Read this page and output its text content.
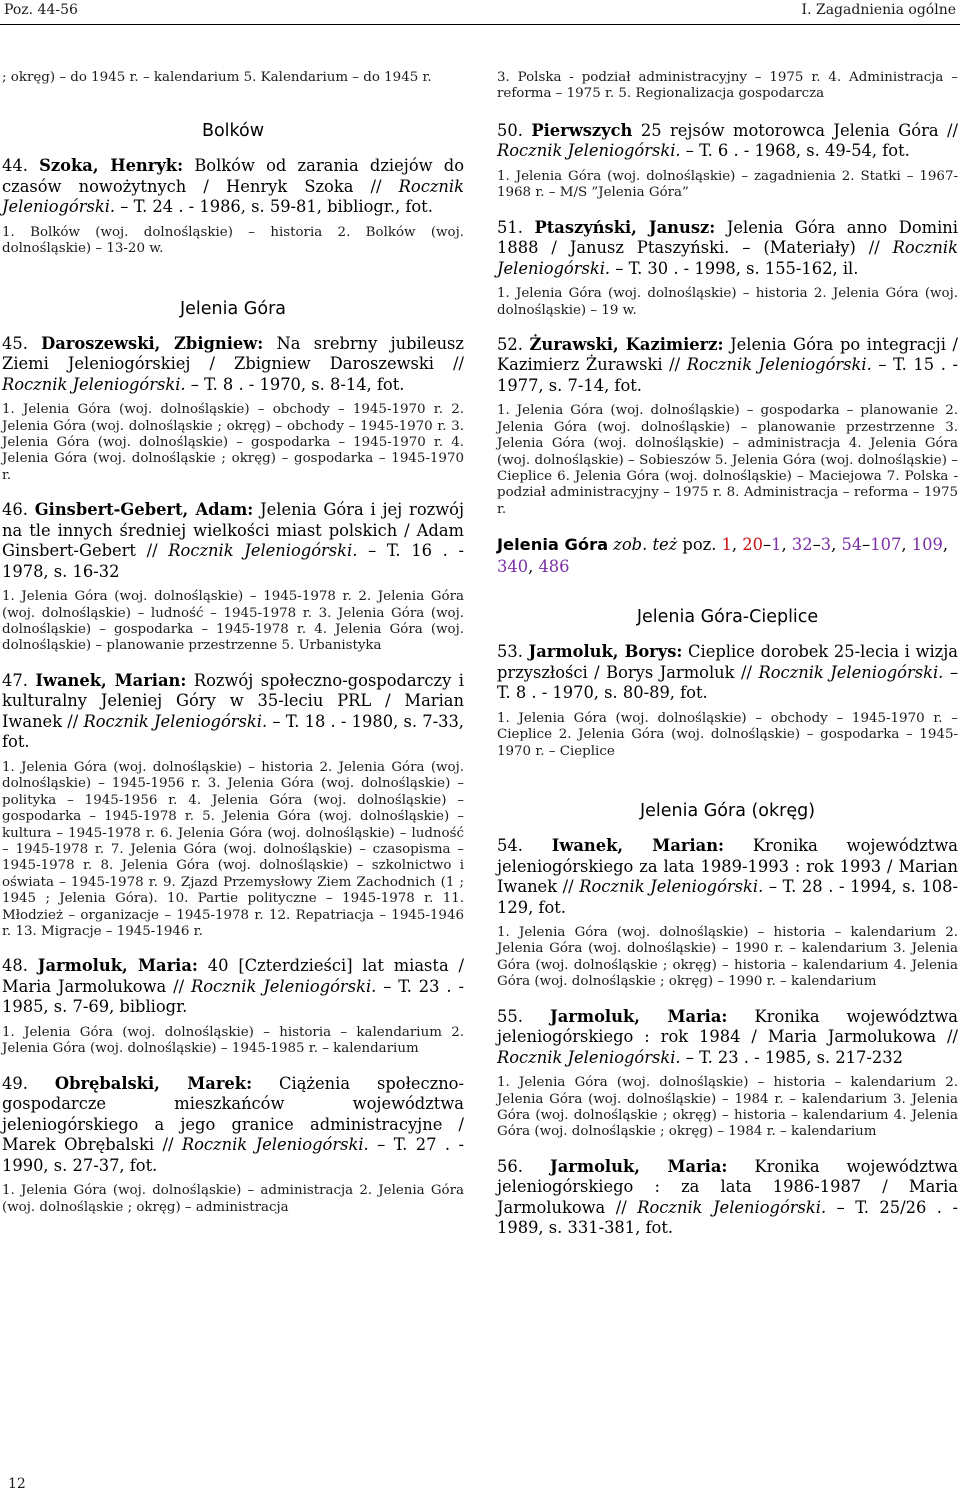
Poz. 44-56	I. Zagadnienia ogólne

; okręg) – do 1945 r. – kalendarium 5. Kalendarium – do 1945 r.

Bolków

44. Szoka, Henryk: Bolków od zarania dziejów do czasów nowożytnych / Henryk Szoka // Rocznik Jeleniogórski. – T. 24 . - 1986, s. 59-81, bibliogr., fot.

1. Bolków (woj. dolnośląskie) – historia 2. Bolków (woj. dolnośląskie) – 13-20 w.

Jelenia Góra

45. Daroszewski, Zbigniew: Na srebrny jubileusz Ziemi Jeleniogórskiej / Zbigniew Daroszewski // Rocznik Jeleniogórski. – T. 8 . - 1970, s. 8-14, fot.

1. Jelenia Góra (woj. dolnośląskie) – obchody – 1945-1970 r. 2. Jelenia Góra (woj. dolnośląskie ; okręg) – obchody – 1945-1970 r. 3. Jelenia Góra (woj. dolnośląskie) – gospodarka – 1945-1970 r. 4. Jelenia Góra (woj. dolnośląskie ; okręg) – gospodarka – 1945-1970 r.

46. Ginsbert-Gebert, Adam: Jelenia Góra i jej rozwój na tle innych średniej wielkości miast polskich / Adam Ginsbert-Gebert // Rocznik Jeleniogórski. – T. 16 . - 1978, s. 16-32

1. Jelenia Góra (woj. dolnośląskie) – 1945-1978 r. 2. Jelenia Góra (woj. dolnośląskie) – ludność – 1945-1978 r. 3. Jelenia Góra (woj. dolnośląskie) – gospodarka – 1945-1978 r. 4. Jelenia Góra (woj. dolnośląskie) – planowanie przestrzenne 5. Urbanistyka

47. Iwanek, Marian: Rozwój społeczno-gospodarczy i kulturalny Jeleniej Góry w 35-leciu PRL / Marian Iwanek // Rocznik Jeleniogórski. – T. 18 . - 1980, s. 7-33, fot.

1. Jelenia Góra (woj. dolnośląskie) – historia 2. Jelenia Góra (woj. dolnośląskie) – 1945-1956 r. 3. Jelenia Góra (woj. dolnośląskie) – polityka – 1945-1956 r. 4. Jelenia Góra (woj. dolnośląskie) – gospodarka – 1945-1978 r. 5. Jelenia Góra (woj. dolnośląskie) – kultura – 1945-1978 r. 6. Jelenia Góra (woj. dolnośląskie) – ludność – 1945-1978 r. 7. Jelenia Góra (woj. dolnośląskie) – czasopisma – 1945-1978 r. 8. Jelenia Góra (woj. dolnośląskie) – szkolnictwo i oświata – 1945-1978 r. 9. Zjazd Przemysłowy Ziem Zachodnich (1 ; 1945 ; Jelenia Góra). 10. Partie polityczne – 1945-1978 r. 11. Młodzież – organizacje – 1945-1978 r. 12. Repatriacja – 1945-1946 r. 13. Migracje – 1945-1946 r.

48. Jarmoluk, Maria: 40 [Czterdzieści] lat miasta / Maria Jarmolukowa // Rocznik Jeleniogórski. – T. 23 . - 1985, s. 7-69, bibliogr.

1. Jelenia Góra (woj. dolnośląskie) – historia – kalendarium 2. Jelenia Góra (woj. dolnośląskie) – 1945-1985 r. – kalendarium

49. Obrębalski, Marek: Ciążenia społeczno-gospodarcze mieszkańców województwa jeleniogórskiego a jego granice administracyjne / Marek Obrębalski // Rocznik Jeleniogórski. – T. 27 . - 1990, s. 27-37, fot.

1. Jelenia Góra (woj. dolnośląskie) – administracja 2. Jelenia Góra (woj. dolnośląskie ; okręg) – administracja

3. Polska - podział administracyjny – 1975 r. 4. Administracja – reforma – 1975 r. 5. Regionalizacja gospodarcza

50. Pierwszych 25 rejsów motorowca Jelenia Góra // Rocznik Jeleniogórski. – T. 6 . - 1968, s. 49-54, fot.

1. Jelenia Góra (woj. dolnośląskie) – zagadnienia 2. Statki – 1967-1968 r. – M/S ”Jelenia Góra”

51. Ptaszyński, Janusz: Jelenia Góra anno Domini 1888 / Janusz Ptaszyński. – (Materiały) // Rocznik Jeleniogórski. – T. 30 . - 1998, s. 155-162, il.

1. Jelenia Góra (woj. dolnośląskie) – historia 2. Jelenia Góra (woj. dolnośląskie) – 19 w.

52. Żurawski, Kazimierz: Jelenia Góra po integracji / Kazimierz Żurawski // Rocznik Jeleniogórski. – T. 15 . - 1977, s. 7-14, fot.

1. Jelenia Góra (woj. dolnośląskie) – gospodarka – planowanie 2. Jelenia Góra (woj. dolnośląskie) – planowanie przestrzenne 3. Jelenia Góra (woj. dolnośląskie) – administracja 4. Jelenia Góra (woj. dolnośląskie) – Sobieszów 5. Jelenia Góra (woj. dolnośląskie) – Cieplice 6. Jelenia Góra (woj. dolnośląskie) – Maciejowa 7. Polska - podział administracyjny – 1975 r. 8. Administracja – reforma – 1975 r.

Jelenia Góra zob. też poz. 1, 20–1, 32–3, 54–107, 109, 340, 486

Jelenia Góra-Cieplice

53. Jarmoluk, Borys: Cieplice dorobek 25-lecia i wizja przyszłości / Borys Jarmoluk // Rocznik Jeleniogórski. – T. 8 . - 1970, s. 80-89, fot.

1. Jelenia Góra (woj. dolnośląskie) – obchody – 1945-1970 r. – Cieplice 2. Jelenia Góra (woj. dolnośląskie) – gospodarka – 1945-1970 r. – Cieplice

Jelenia Góra (okręg)

54. Iwanek, Marian: Kronika województwa jeleniogórskiego za lata 1989-1993 : rok 1993 / Marian Iwanek // Rocznik Jeleniogórski. – T. 28 . - 1994, s. 108-129, fot.

1. Jelenia Góra (woj. dolnośląskie) – historia – kalendarium 2. Jelenia Góra (woj. dolnośląskie) – 1990 r. – kalendarium 3. Jelenia Góra (woj. dolnośląskie ; okręg) – historia – kalendarium 4. Jelenia Góra (woj. dolnośląskie ; okręg) – 1990 r. – kalendarium

55. Jarmoluk, Maria: Kronika województwa jeleniogórskiego : rok 1984 / Maria Jarmolukowa // Rocznik Jeleniogórski. – T. 23 . - 1985, s. 217-232

1. Jelenia Góra (woj. dolnośląskie) – historia – kalendarium 2. Jelenia Góra (woj. dolnośląskie) – 1984 r. – kalendarium 3. Jelenia Góra (woj. dolnośląskie ; okręg) – historia – kalendarium 4. Jelenia Góra (woj. dolnośląskie ; okręg) – 1984 r. – kalendarium

56. Jarmoluk, Maria: Kronika województwa jeleniogórskiego : za lata 1986-1987 / Maria Jarmolukowa // Rocznik Jeleniogórski. – T. 25/26 . - 1989, s. 331-381, fot.

12
